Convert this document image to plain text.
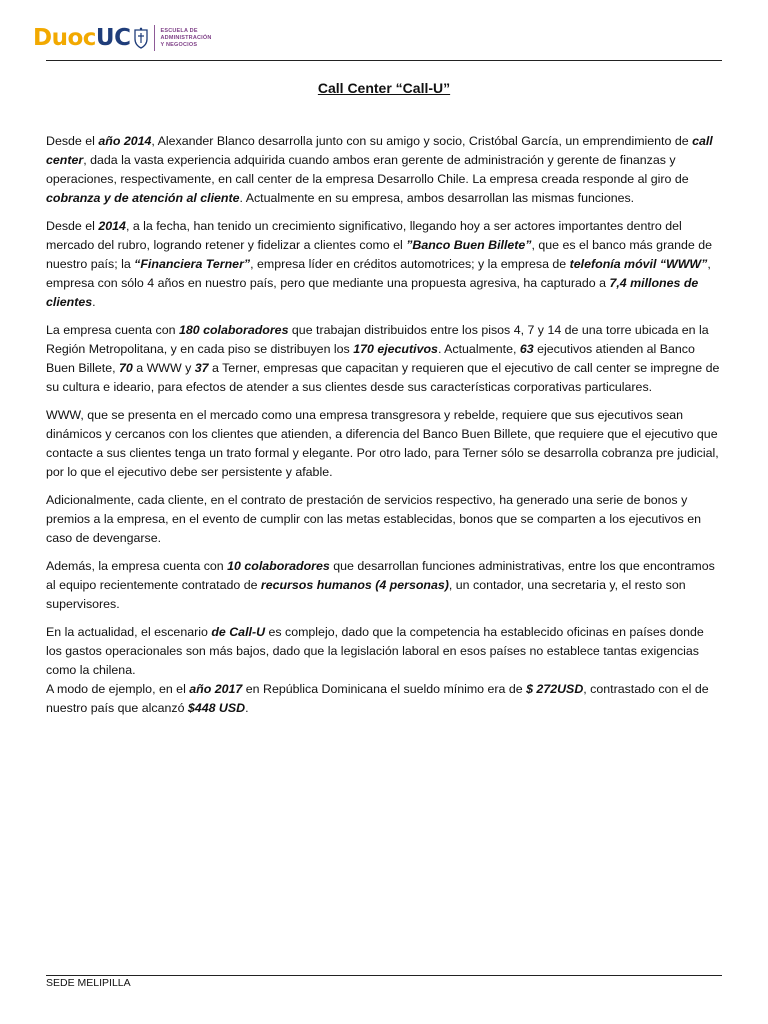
Duoc UC	ESCUELA DE
ADMINISTRACIÓN
Y NEGOCIOS
Call Center “Call-U”

Desde el año 2014, Alexander Blanco desarrolla junto con su amigo y socio, Cristóbal García, un emprendimiento de call center, dada la vasta experiencia adquirida cuando ambos eran gerente de administración y gerente de finanzas y operaciones, respectivamente, en call center de la empresa Desarrollo Chile. La empresa creada responde al giro de cobranza y de atención al cliente. Actualmente en su empresa, ambos desarrollan las mismas funciones.

Desde el 2014, a la fecha, han tenido un crecimiento significativo, llegando hoy a ser actores importantes dentro del mercado del rubro, logrando retener y fidelizar a clientes como el ”Banco Buen Billete”, que es el banco más grande de nuestro país; la “Financiera Terner”, empresa líder en créditos automotrices; y la empresa de telefonía móvil “WWW”, empresa con sólo 4 años en nuestro país, pero que mediante una propuesta agresiva, ha capturado a 7,4 millones de clientes.

La empresa cuenta con 180 colaboradores que trabajan distribuidos entre los pisos 4, 7 y 14 de una torre ubicada en la Región Metropolitana, y en cada piso se distribuyen los 170 ejecutivos. Actualmente, 63 ejecutivos atienden al Banco Buen Billete, 70 a WWW y 37 a Terner, empresas que capacitan y requieren que el ejecutivo de call center se impregne de su cultura e ideario, para efectos de atender a sus clientes desde sus características corporativas particulares.

WWW, que se presenta en el mercado como una empresa transgresora y rebelde, requiere que sus ejecutivos sean dinámicos y cercanos con los clientes que atienden, a diferencia del Banco Buen Billete, que requiere que el ejecutivo que contacte a sus clientes tenga un trato formal y elegante. Por otro lado, para Terner sólo se desarrolla cobranza pre judicial, por lo que el ejecutivo debe ser persistente y afable.

Adicionalmente, cada cliente, en el contrato de prestación de servicios respectivo, ha generado una serie de bonos y premios a la empresa, en el evento de cumplir con las metas establecidas, bonos que se comparten a los ejecutivos en caso de devengarse.

Además, la empresa cuenta con 10 colaboradores que desarrollan funciones administrativas, entre los que encontramos al equipo recientemente contratado de recursos humanos (4 personas), un contador, una secretaria y, el resto son supervisores.

En la actualidad, el escenario de Call-U es complejo, dado que la competencia ha establecido oficinas en países donde los gastos operacionales son más bajos, dado que la legislación laboral en esos países no establece tantas exigencias como la chilena.

A modo de ejemplo, en el año 2017 en República Dominicana el sueldo mínimo era de $ 272USD, contrastado con el de nuestro país que alcanzó $448 USD.

SEDE MELIPILLA
